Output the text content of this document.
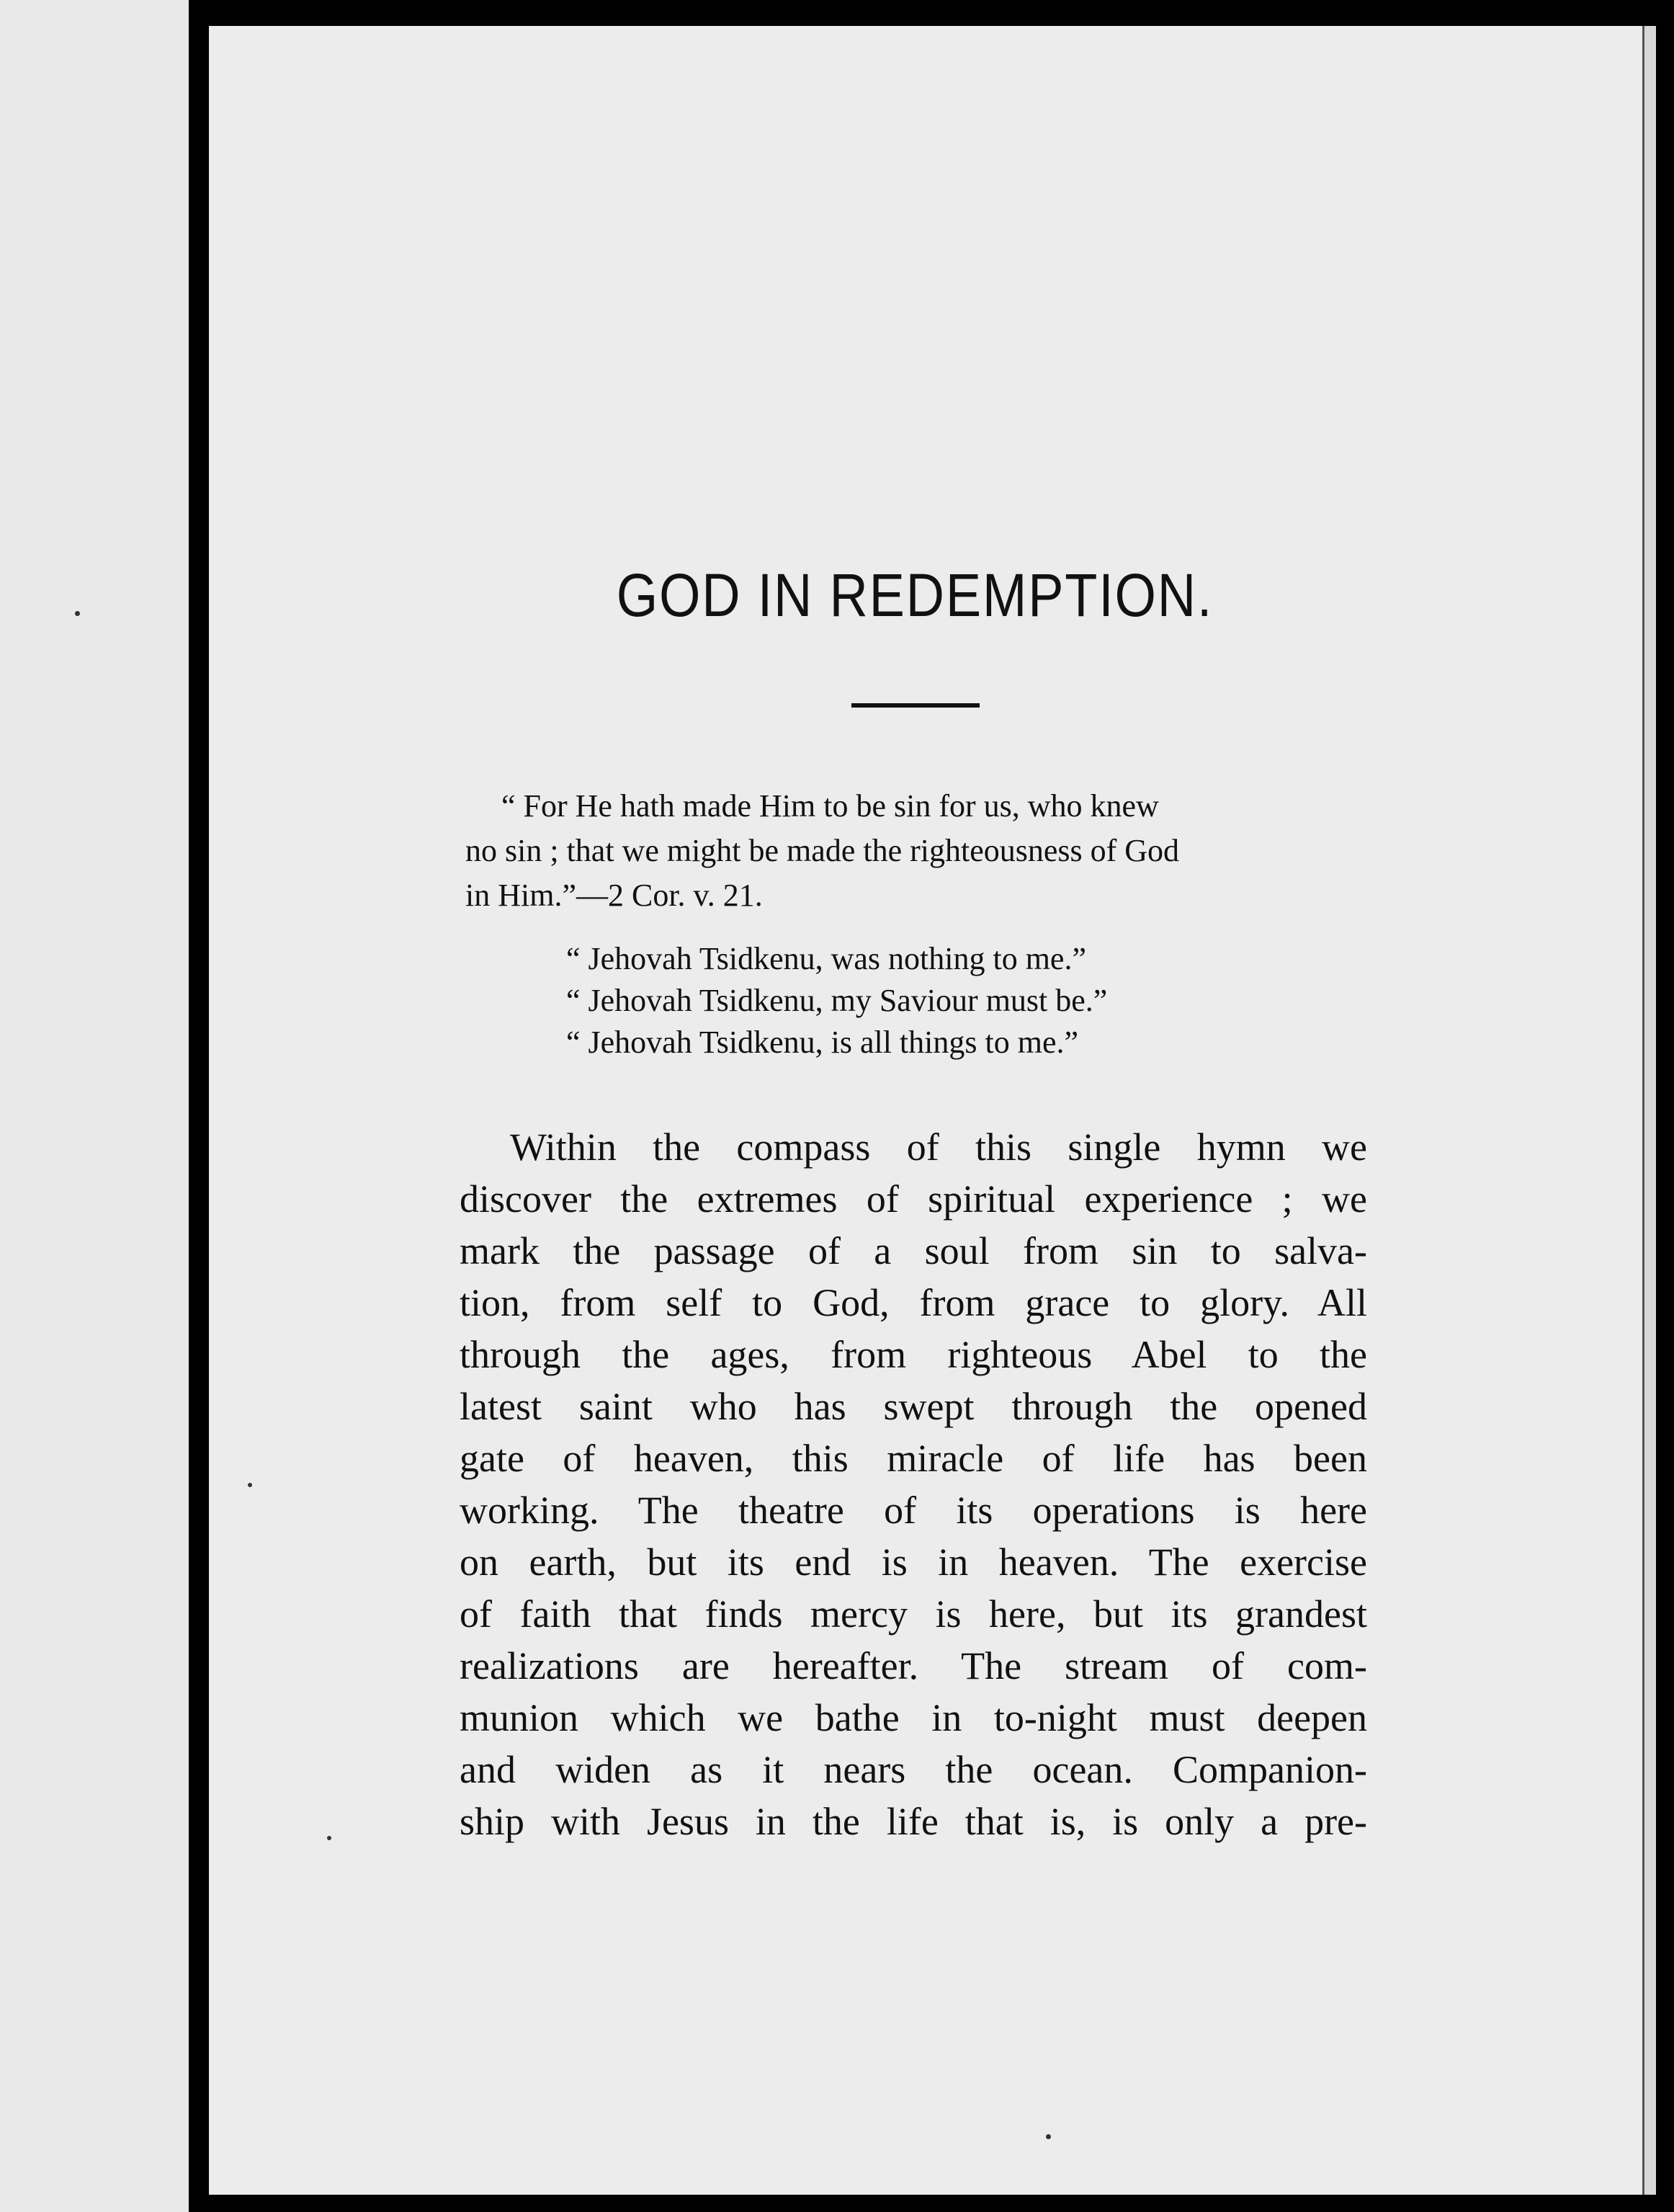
GOD IN REDEMPTION.

“ For He hath made Him to be sin for us, who knew

no sin ; that we might be made the righteousness of God

in Him.”—2 Cor. v. 21.

“ Jehovah Tsidkenu, was nothing to me.”

“ Jehovah Tsidkenu, my Saviour must be.”

“ Jehovah Tsidkenu, is all things to me.”

Within the compass of this single hymn we

discover the extremes of spiritual experience ; we

mark the passage of a soul from sin to salva-

tion, from self to God, from grace to glory. All

through the ages, from righteous Abel to the

latest saint who has swept through the opened

gate of heaven, this miracle of life has been

working. The theatre of its operations is here

on earth, but its end is in heaven. The exercise

of faith that finds mercy is here, but its grandest

realizations are hereafter. The stream of com-

munion which we bathe in to-night must deepen

and widen as it nears the ocean. Companion-

ship with Jesus in the life that is, is only a pre-
